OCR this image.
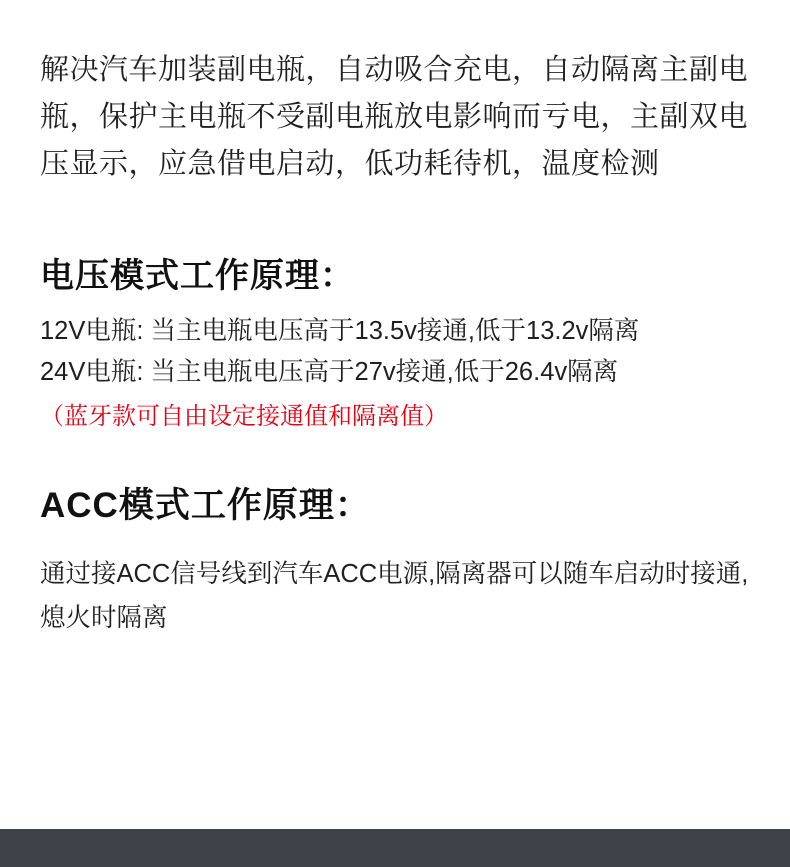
解决汽车加装副电瓶，自动吸合充电，自动隔离主副电瓶，保护主电瓶不受副电瓶放电影响而亏电，主副双电压显示，应急借电启动，低功耗待机，温度检测

电压模式工作原理：
12V电瓶: 当主电瓶电压高于13.5v接通,低于13.2v隔离
24V电瓶: 当主电瓶电压高于27v接通,低于26.4v隔离
（蓝牙款可自由设定接通值和隔离值）
ACC模式工作原理：

通过接ACC信号线到汽车ACC电源,隔离器可以随车启动时接通,熄火时隔离
